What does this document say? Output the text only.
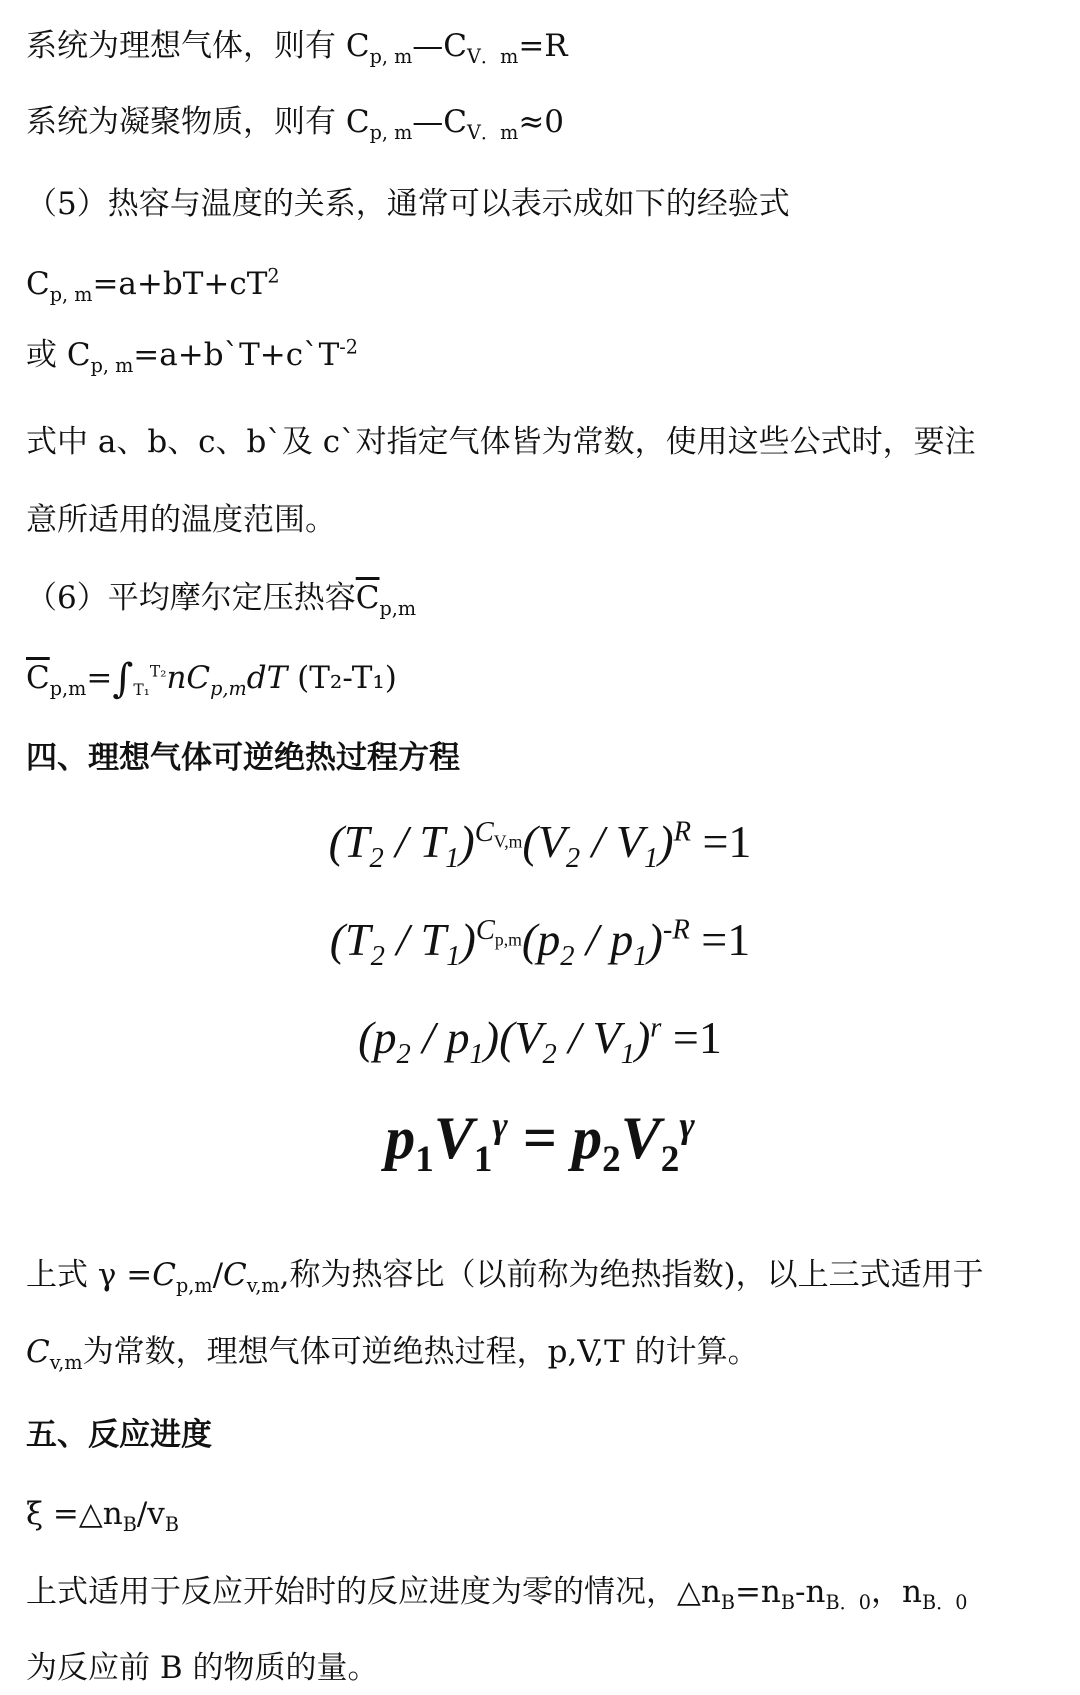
系统为理想气体，则有 $C_{p, m}—C_{V.m}=R$
系统为凝聚物质，则有 $C_{p, m}—C_{V.m}\approx 0$
（5）热容与温度的关系，通常可以表示成如下的经验式
$C_{p, m}=a+bT+cT^2$
或 $C_{p, m}=a+b`T+c`T^{-2}$
式中 a、b、c、b`及 c`对指定气体皆为常数，使用这些公式时，要注
意所适用的温度范围。
（6）平均摩尔定压热容$\overline{C}_{p,m}$
$\overline{C}_{p,m}=\int_{T_1}^{T_2}nC_{p,m}dT$ (T₂-T₁)
四、理想气体可逆绝热过程方程
$(T_2 / T_1)^{C_{V,m}}(V_2 / V_1)^R =1$
$(T_2 / T_1)^{C_{p,m}}(p_2 / p_1)^{-R} =1$
$(p_2 / p_1)(V_2 / V_1)^r =1$
$p_1V_1^\gamma = p_2V_2^\gamma$
上式 $\gamma =C_{p,m}/C_{v,m}$,称为热容比（以前称为绝热指数)，以上三式适用于
$C_{v,m}$为常数，理想气体可逆绝热过程，p,V,T 的计算。
五、反应进度
$\xi =\triangle n_B/v_B$
上式适用于反应开始时的反应进度为零的情况，$\triangle n_B=n_B-n_{B.0}$，$n_{B.0}$
为反应前 B 的物质的量。
